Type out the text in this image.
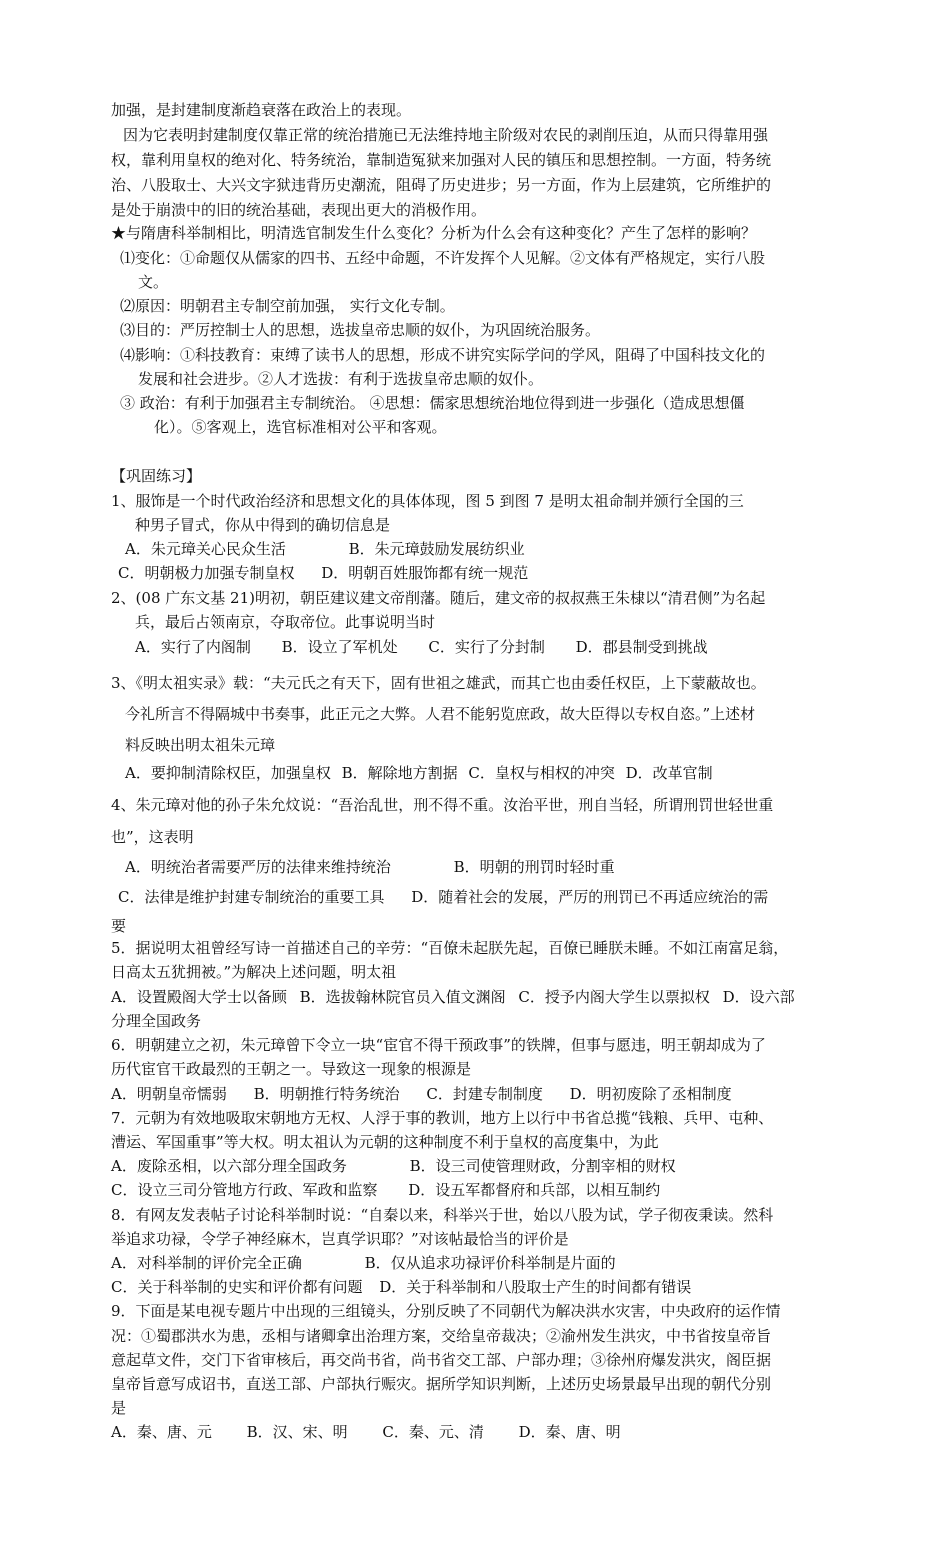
加强，是封建制度渐趋衰落在政治上的表现。
因为它表明封建制度仅靠正常的统治措施已无法维持地主阶级对农民的剥削压迫，从而只得靠用强
权，靠利用皇权的绝对化、特务统治，靠制造冤狱来加强对人民的镇压和思想控制。一方面，特务统
治、八股取士、大兴文字狱违背历史潮流，阻碍了历史进步；另一方面，作为上层建筑，它所维护的
是处于崩溃中的旧的统治基础，表现出更大的消极作用。
★与隋唐科举制相比，明清选官制发生什么变化？分析为什么会有这种变化？产生了怎样的影响？
⑴变化：①命题仅从儒家的四书、五经中命题，不许发挥个人见解。②文体有严格规定，实行八股
文。
⑵原因：明朝君主专制空前加强， 实行文化专制。
⑶目的：严厉控制士人的思想，选拔皇帝忠顺的奴仆，为巩固统治服务。
⑷影响：①科技教育：束缚了读书人的思想，形成不讲究实际学问的学风，阻碍了中国科技文化的
发展和社会进步。②人才选拔：有利于选拔皇帝忠顺的奴仆。
③ 政治：有利于加强君主专制统治。 ④思想：儒家思想统治地位得到进一步强化（造成思想僵
化）。⑤客观上，选官标准相对公平和客观。
【巩固练习】
1、服饰是一个时代政治经济和思想文化的具体体现，图 5 到图 7 是明太祖命制并颁行全国的三
种男子冒式，你从中得到的确切信息是
A．朱元璋关心民众生活 B．朱元璋鼓励发展纺织业
C．明朝极力加强专制皇权 D．明朝百姓服饰都有统一规范
2、(08 广东文基 21)明初，朝臣建议建文帝削藩。随后，建文帝的叔叔燕王朱棣以“清君侧”为名起
兵，最后占领南京，夺取帝位。此事说明当时
A．实行了内阁制 B．设立了军机处 C．实行了分封制 D．郡县制受到挑战
3、《明太祖实录》载：“夫元氏之有天下，固有世祖之雄武，而其亡也由委任权臣，上下蒙蔽故也。
今礼所言不得隔城中书奏事，此正元之大弊。人君不能躬览庶政，故大臣得以专权自恣。”上述材
料反映出明太祖朱元璋
A．要抑制清除权臣，加强皇权 B．解除地方割据 C．皇权与相权的冲突 D．改革官制
4、朱元璋对他的孙子朱允炆说：“吾治乱世，刑不得不重。汝治平世，刑自当轻，所谓刑罚世轻世重
也”，这表明
A．明统治者需要严厉的法律来维持统治 B．明朝的刑罚时轻时重
C．法律是维护封建专制统治的重要工具 D．随着社会的发展，严厉的刑罚已不再适应统治的需
要
5．据说明太祖曾经写诗一首描述自己的辛劳：“百僚未起朕先起，百僚已睡朕未睡。不如江南富足翁，
日高太五犹拥被。”为解决上述问题，明太祖
A．设置殿阁大学士以备顾 B．选拔翰林院官员入值文渊阁 C．授予内阁大学生以票拟权 D．设六部
分理全国政务
6．明朝建立之初，朱元璋曾下令立一块“宦官不得干预政事”的铁牌，但事与愿违，明王朝却成为了
历代宦官干政最烈的王朝之一。导致这一现象的根源是
A．明朝皇帝懦弱 B．明朝推行特务统治 C．封建专制制度 D．明初废除了丞相制度
7．元朝为有效地吸取宋朝地方无权、人浮于事的教训，地方上以行中书省总揽“钱粮、兵甲、屯种、
漕运、军国重事”等大权。明太祖认为元朝的这种制度不利于皇权的高度集中，为此
A．废除丞相，以六部分理全国政务 B．设三司使管理财政，分割宰相的财权
C．设立三司分管地方行政、军政和监察 D．设五军都督府和兵部，以相互制约
8．有网友发表帖子讨论科举制时说：“自秦以来，科举兴于世，始以八股为试，学子彻夜秉读。然科
举追求功禄，令学子神经麻木，岂真学识耶？”对该帖最恰当的评价是
A．对科举制的评价完全正确 B．仅从追求功禄评价科举制是片面的
C．关于科举制的史实和评价都有问题 D．关于科举制和八股取士产生的时间都有错误
9．下面是某电视专题片中出现的三组镜头，分别反映了不同朝代为解决洪水灾害，中央政府的运作情
况：①蜀郡洪水为患，丞相与诸卿拿出治理方案，交给皇帝裁决；②渝州发生洪灾，中书省按皇帝旨
意起草文件，交门下省审核后，再交尚书省，尚书省交工部、户部办理；③徐州府爆发洪灾，阁臣据
皇帝旨意写成诏书，直送工部、户部执行赈灾。据所学知识判断，上述历史场景最早出现的朝代分别
是
A．秦、唐、元 B．汉、宋、明 C．秦、元、清 D．秦、唐、明
